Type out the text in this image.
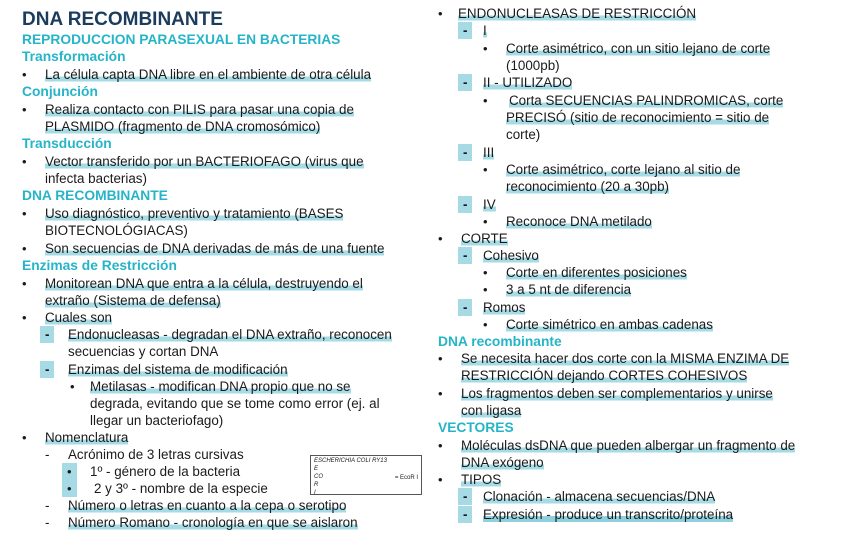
DNA RECOMBINANTE
REPRODUCCION PARASEXUAL EN BACTERIAS
Transformación
• La célula capta DNA libre en el ambiente de otra célula
Conjunción
• Realiza contacto con PILIS para pasar una copia de
PLASMIDO (fragmento de DNA cromosómico)
Transducción
• Vector transferido por un BACTERIOFAGO (virus que
infecta bacterias)
DNA RECOMBINANTE
• Uso diagnóstico, preventivo y tratamiento (BASES
BIOTECNOLÓGIACAS)
• Son secuencias de DNA derivadas de más de una fuente
Enzimas de Restricción
• Monitorean DNA que entra a la célula, destruyendo el
extraño (Sistema de defensa)
• Cuales son
-	Endonucleasas - degradan el DNA extraño, reconocen
secuencias y cortan DNA
-	Enzimas del sistema de modificación
• Metilasas - modifican DNA propio que no se
degrada, evitando que se tome como error (ej. al
llegar un bacteriofago)
• Nomenclatura
- Acrónimo de 3 letras cursivas
•	1º - género de la bacteria
•	2 y 3º - nombre de la especie
- Número o letras en cuanto a la cepa o serotipo
- Número Romano - cronología en que se aislaron
ESCHERICHIA COLI RY13
E
CO
R
I
= EcoR I
• ENDONUCLEASAS DE RESTRICCIÓN
-	I
• Corte asimétrico, con un sitio lejano de corte
(1000pb)
-	II - UTILIZADO
• Corta SECUENCIAS PALINDROMICAS, corte
PRECISÓ (sitio de reconocimiento = sitio de
corte)
-	III
• Corte asimétrico, corte lejano al sitio de
reconocimiento (20 a 30pb)
-	IV
• Reconoce DNA metilado
• CORTE
-	Cohesivo
• Corte en diferentes posiciones
• 3 a 5 nt de diferencia
-	Romos
• Corte simétrico en ambas cadenas
DNA recombinante
• Se necesita hacer dos corte con la MISMA ENZIMA DE
RESTRICCIÓN dejando CORTES COHESIVOS
• Los fragmentos deben ser complementarios y unirse
con ligasa
VECTORES
• Moléculas dsDNA que pueden albergar un fragmento de
DNA exógeno
• TIPOS
-	Clonación - almacena secuencias/DNA
-	Expresión - produce un transcrito/proteína
